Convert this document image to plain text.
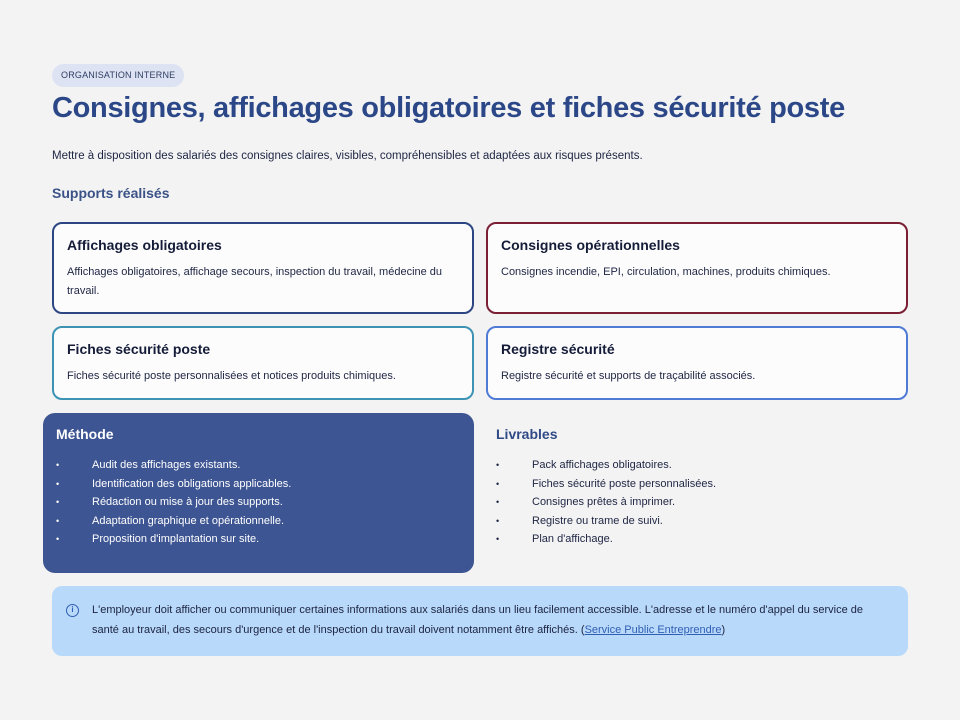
ORGANISATION INTERNE
Consignes, affichages obligatoires et fiches sécurité poste

Mettre à disposition des salariés des consignes claires, visibles, compréhensibles et adaptées aux risques présents.

Supports réalisés
Affichages obligatoires

Affichages obligatoires, affichage secours, inspection du travail, médecine du travail.

Consignes opérationnelles

Consignes incendie, EPI, circulation, machines, produits chimiques.

Fiches sécurité poste

Fiches sécurité poste personnalisées et notices produits chimiques.

Registre sécurité

Registre sécurité et supports de traçabilité associés.

Méthode
• Audit des affichages existants.
• Identification des obligations applicables.
• Rédaction ou mise à jour des supports.
• Adaptation graphique et opérationnelle.
• Proposition d'implantation sur site.
Livrables
• Pack affichages obligatoires.
• Fiches sécurité poste personnalisées.
• Consignes prêtes à imprimer.
• Registre ou trame de suivi.
• Plan d'affichage.
i	L'employeur doit afficher ou communiquer certaines informations aux salariés dans un lieu facilement accessible. L'adresse et le numéro d'appel du service de santé au travail, des secours d'urgence et de l'inspection du travail doivent notamment être affichés. (Service Public Entreprendre)
